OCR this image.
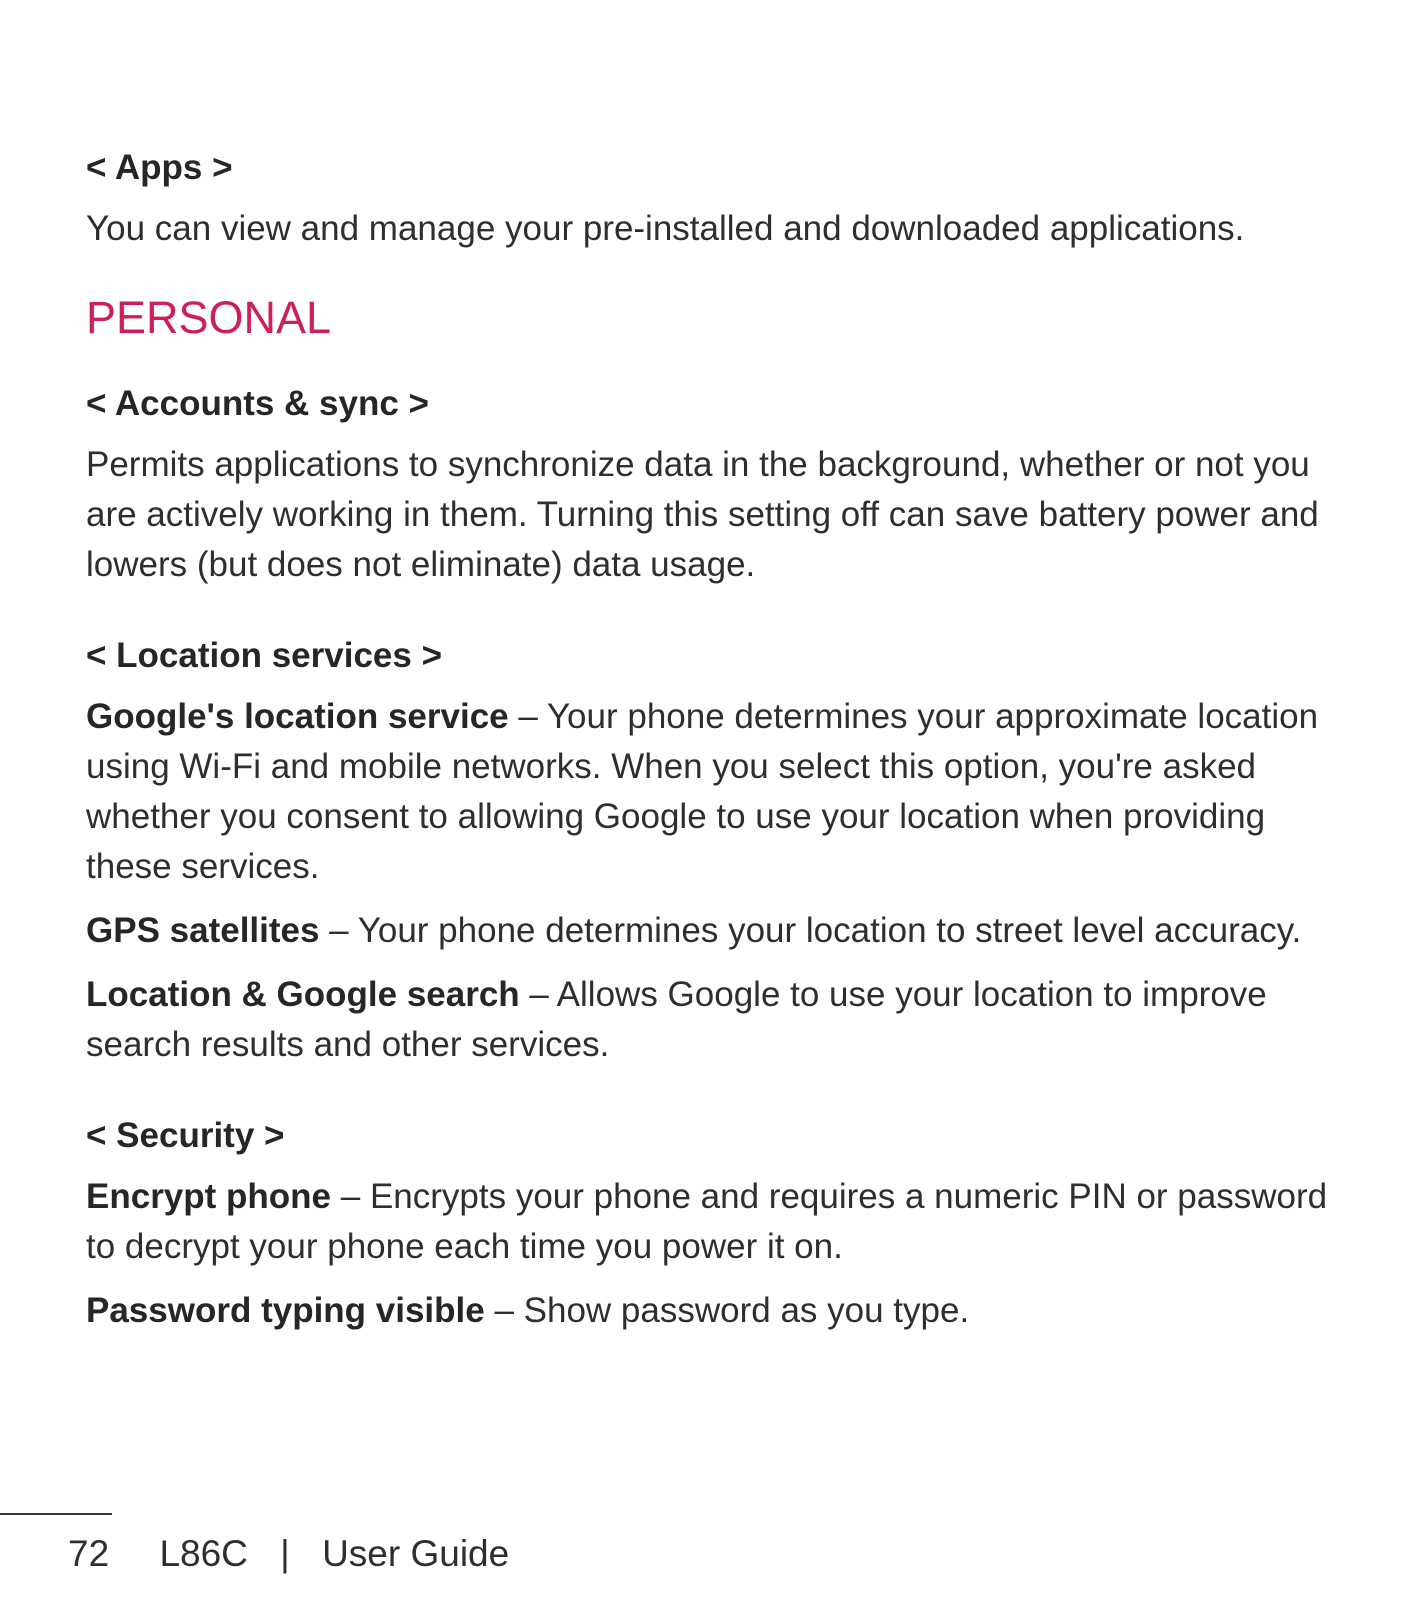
< Apps >

You can view and manage your pre-installed and downloaded applications.

PERSONAL

< Accounts & sync >

Permits applications to synchronize data in the background, whether or not you are actively working in them. Turning this setting off can save battery power and lowers (but does not eliminate) data usage.

< Location services >

Google's location service – Your phone determines your approximate location using Wi-Fi and mobile networks. When you select this option, you're asked whether you consent to allowing Google to use your location when providing these services.

GPS satellites – Your phone determines your location to street level accuracy.

Location & Google search – Allows Google to use your location to improve search results and other services.

< Security >

Encrypt phone – Encrypts your phone and requires a numeric PIN or password to decrypt your phone each time you power it on.

Password typing visible – Show password as you type.

72 L86C | User Guide
